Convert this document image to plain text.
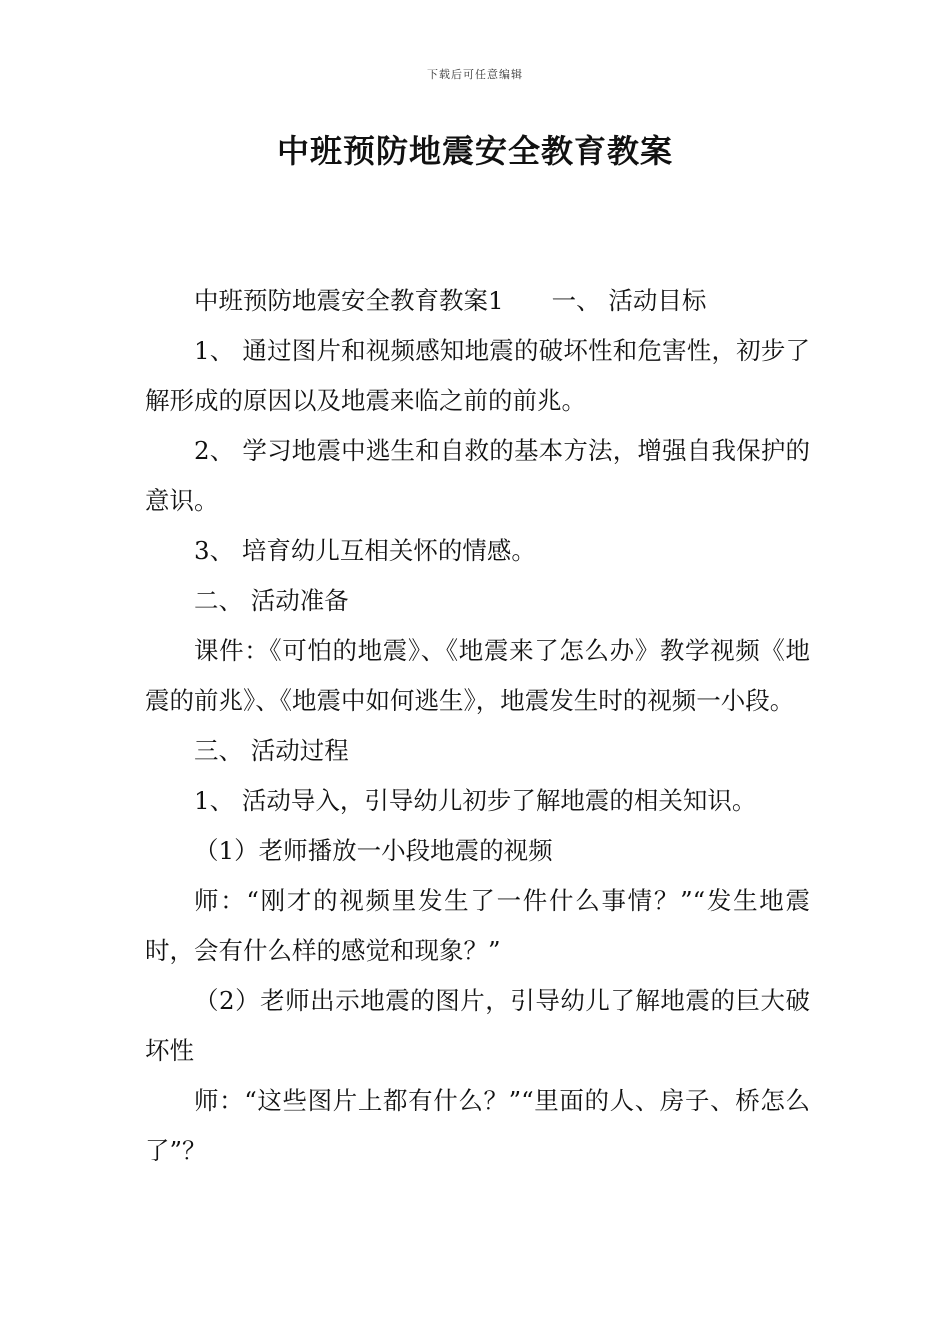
下载后可任意编辑
中班预防地震安全教育教案

中班预防地震安全教育教案1 一、 活动目标

1、 通过图片和视频感知地震的破坏性和危害性，初步了解形成的原因以及地震来临之前的前兆。

2、 学习地震中逃生和自救的基本方法，增强自我保护的意识。

3、 培育幼儿互相关怀的情感。

二、 活动准备

课件：《可怕的地震》、《地震来了怎么办》教学视频《地震的前兆》、《地震中如何逃生》，地震发生时的视频一小段。

三、 活动过程

1、 活动导入，引导幼儿初步了解地震的相关知识。

（1）老师播放一小段地震的视频

师：“刚才的视频里发生了一件什么事情？”“发生地震时，会有什么样的感觉和现象？”

（2）老师出示地震的图片，引导幼儿了解地震的巨大破坏性

师：“这些图片上都有什么？”“里面的人、房子、桥怎么了”？
